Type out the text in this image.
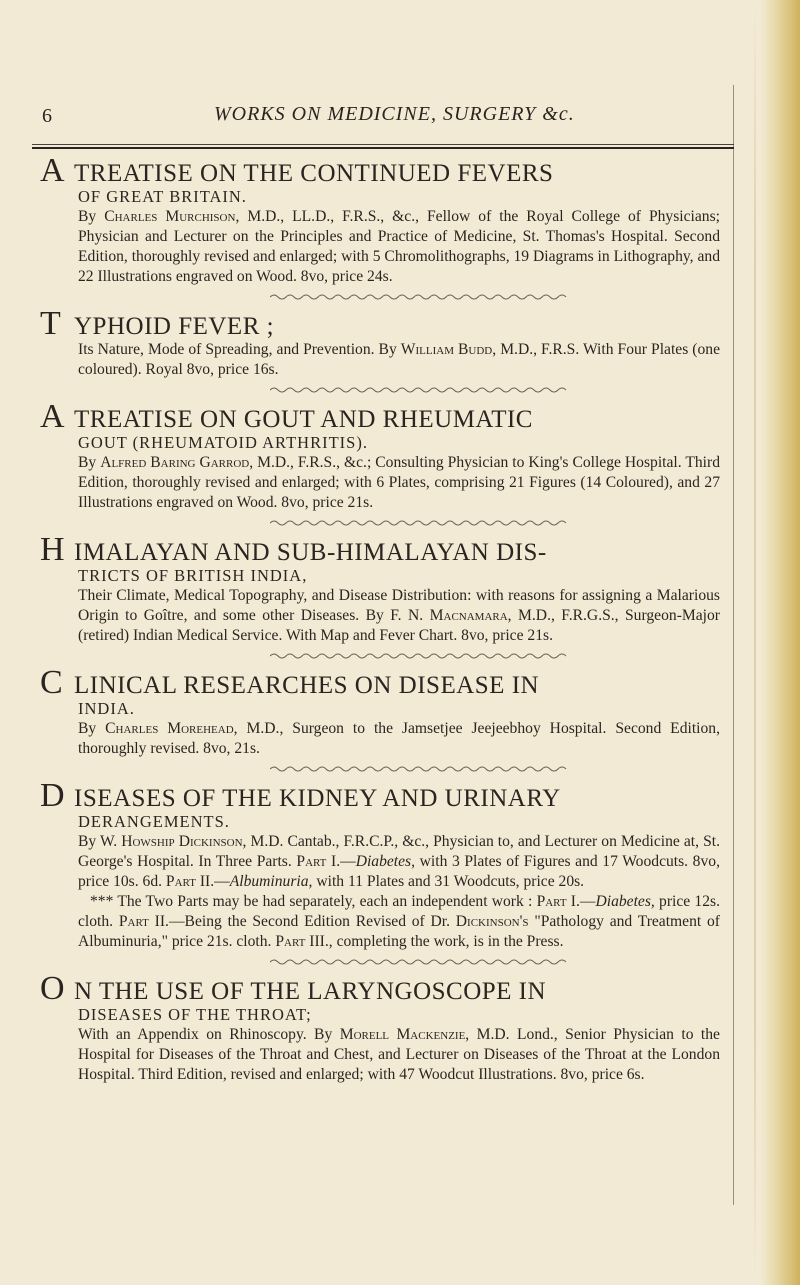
6	WORKS ON MEDICINE, SURGERY &c.

A TREATISE ON THE CONTINUED FEVERS

OF GREAT BRITAIN.

By Charles Murchison, M.D., LL.D., F.R.S., &c., Fellow of the Royal College of Physicians; Physician and Lecturer on the Principles and Practice of Medicine, St. Thomas's Hospital. Second Edition, thoroughly revised and enlarged; with 5 Chromolithographs, 19 Diagrams in Lithography, and 22 Illustrations engraved on Wood. 8vo, price 24s.

T YPHOID FEVER ;

Its Nature, Mode of Spreading, and Prevention. By William Budd, M.D., F.R.S. With Four Plates (one coloured). Royal 8vo, price 16s.

A TREATISE ON GOUT AND RHEUMATIC

GOUT (RHEUMATOID ARTHRITIS).

By Alfred Baring Garrod, M.D., F.R.S., &c.; Consulting Physician to King's College Hospital. Third Edition, thoroughly revised and enlarged; with 6 Plates, comprising 21 Figures (14 Coloured), and 27 Illustrations engraved on Wood. 8vo, price 21s.

H IMALAYAN AND SUB-HIMALAYAN DIS-

TRICTS OF BRITISH INDIA,

Their Climate, Medical Topography, and Disease Distribution: with reasons for assigning a Malarious Origin to Goître, and some other Diseases. By F. N. Macnamara, M.D., F.R.G.S., Surgeon-Major (retired) Indian Medical Service. With Map and Fever Chart. 8vo, price 21s.

C LINICAL RESEARCHES ON DISEASE IN

INDIA.

By Charles Morehead, M.D., Surgeon to the Jamsetjee Jeejeebhoy Hospital. Second Edition, thoroughly revised. 8vo, 21s.

D ISEASES OF THE KIDNEY AND URINARY

DERANGEMENTS.

By W. Howship Dickinson, M.D. Cantab., F.R.C.P., &c., Physician to, and Lecturer on Medicine at, St. George's Hospital. In Three Parts. Part I.—Diabetes, with 3 Plates of Figures and 17 Woodcuts. 8vo, price 10s. 6d. Part II.—Albuminuria, with 11 Plates and 31 Woodcuts, price 20s.

*** The Two Parts may be had separately, each an independent work : Part I.—Diabetes, price 12s. cloth. Part II.—Being the Second Edition Revised of Dr. Dickinson's "Pathology and Treatment of Albuminuria," price 21s. cloth. Part III., completing the work, is in the Press.

O N THE USE OF THE LARYNGOSCOPE IN

DISEASES OF THE THROAT;

With an Appendix on Rhinoscopy. By Morell Mackenzie, M.D. Lond., Senior Physician to the Hospital for Diseases of the Throat and Chest, and Lecturer on Diseases of the Throat at the London Hospital. Third Edition, revised and enlarged; with 47 Woodcut Illustrations. 8vo, price 6s.
